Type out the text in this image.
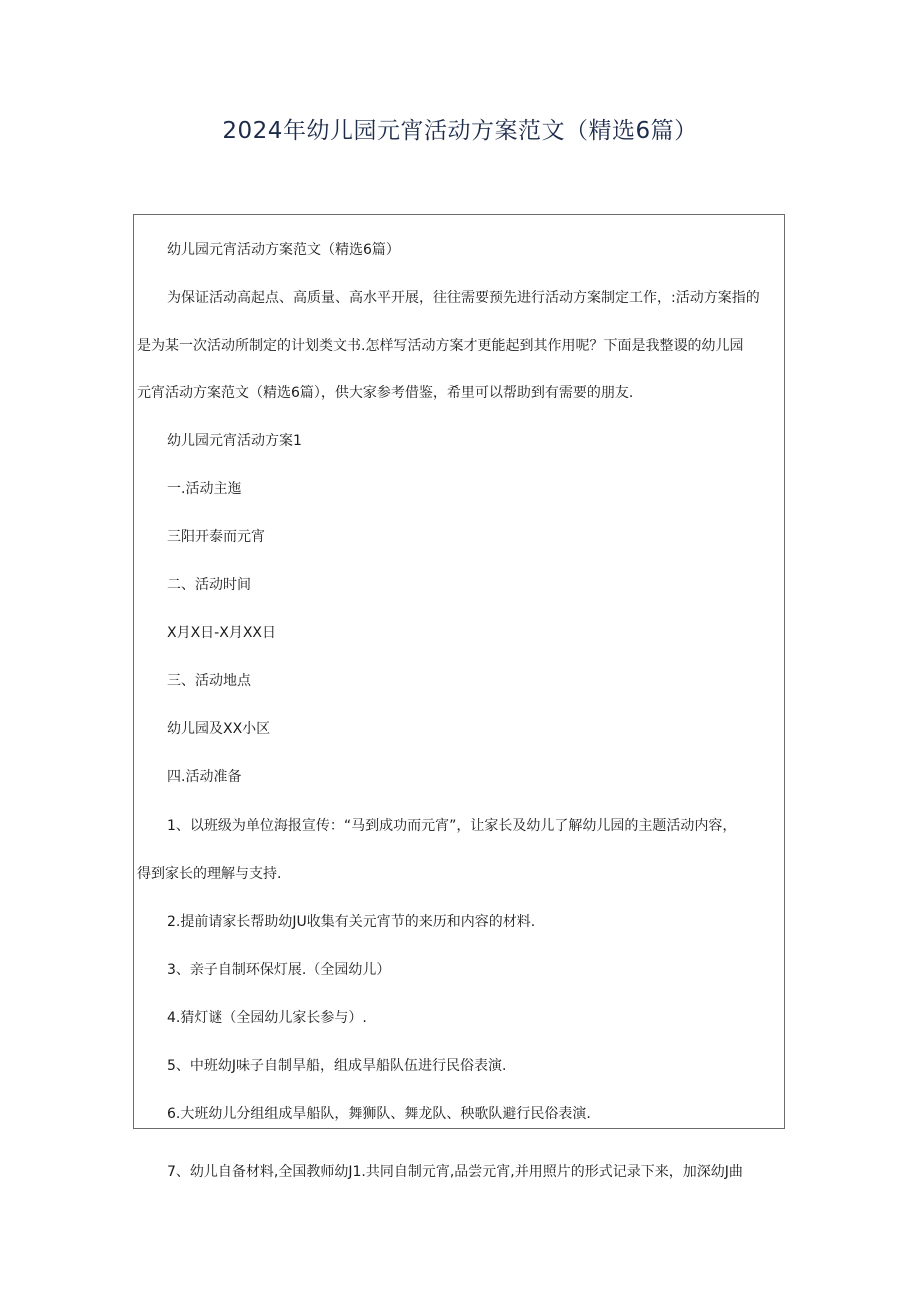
2024年幼儿园元宵活动方案范文（精选6篇）
幼儿园元宵活动方案范文（精选6篇）
为保证活动高起点、高质量、高水平开展，往往需要预先进行活动方案制定工作，:活动方案指的
是为某一次活动所制定的计划类文书.怎样写活动方案才更能起到其作用呢？下面是我整谡的幼儿园
元宵活动方案范文（精选6篇），供大家参考借鉴，希里可以帮助到有需要的朋友.
幼儿园元宵活动方案1
一.活动主迤
三阳开泰而元宵
二、活动时间
X月X日-X月XX日
三、活动地点
幼儿园及XX小区
四.活动准备
1、以班级为单位海报宣传：“马到成功而元宵”，让家长及幼儿了解幼儿园的主题活动内容，
得到家长的理解与支持.
2.提前请家长帮助幼JU收集有关元宵节的来历和内容的材料.
3、亲子自制环保灯展.（全园幼儿）
4.猜灯谜（全园幼儿家长参与）.
5、中班幼J味子自制旱船，组成旱船队伍进行民俗表演.
6.大班幼儿分组组成旱船队，舞狮队、舞龙队、秧歌队避行民俗表演.
7、幼儿自备材料,全国教师幼J1.共同自制元宵,品尝元宵,并用照片的形式记录下来，加深幼J曲
